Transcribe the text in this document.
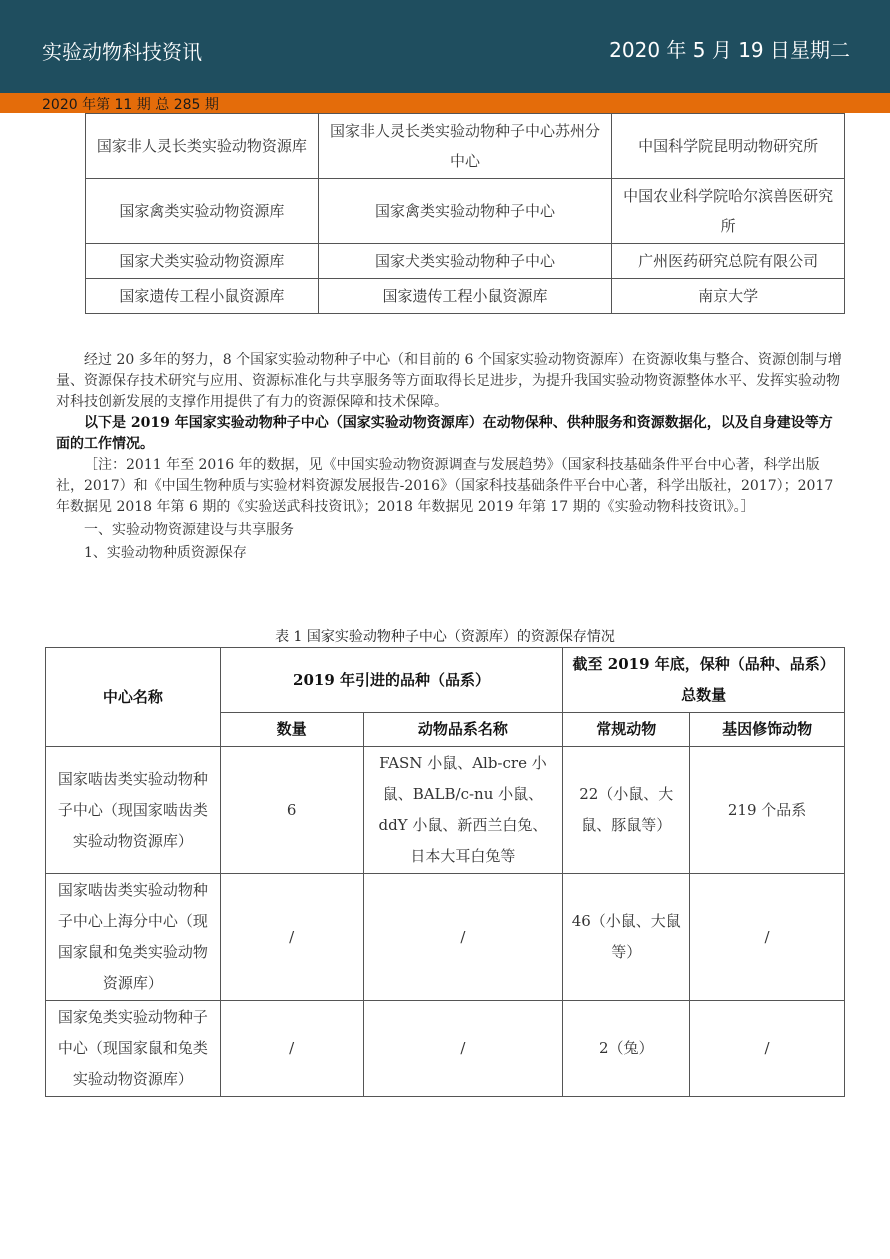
实验动物科技资讯	2020 年 5 月 19 日星期二
2020 年第 11 期 总 285 期
国家非人灵长类实验动物资源库	国家非人灵长类实验动物种子中心苏州分中心	中国科学院昆明动物研究所
国家禽类实验动物资源库	国家禽类实验动物种子中心	中国农业科学院哈尔滨兽医研究所
国家犬类实验动物资源库	国家犬类实验动物种子中心	广州医药研究总院有限公司
国家遗传工程小鼠资源库	国家遗传工程小鼠资源库	南京大学

经过 20 多年的努力，8 个国家实验动物种子中心（和目前的 6 个国家实验动物资源库）在资源收集与整合、资源创制与增量、资源保存技术研究与应用、资源标准化与共享服务等方面取得长足进步，为提升我国实验动物资源整体水平、发挥实验动物对科技创新发展的支撑作用提供了有力的资源保障和技术保障。

以下是 2019 年国家实验动物种子中心（国家实验动物资源库）在动物保种、供种服务和资源数据化，以及自身建设等方面的工作情况。

［注：2011 年至 2016 年的数据，见《中国实验动物资源调查与发展趋势》（国家科技基础条件平台中心著，科学出版社，2017）和《中国生物种质与实验材料资源发展报告-2016》（国家科技基础条件平台中心著，科学出版社，2017）；2017 年数据见 2018 年第 6 期的《实验送武科技资讯》；2018 年数据见 2019 年第 17 期的《实验动物科技资讯》。］

一、实验动物资源建设与共享服务

1、实验动物种质资源保存

表 1 国家实验动物种子中心（资源库）的资源保存情况
中心名称	2019 年引进的品种（品系）		截至 2019 年底，保种（品种、品系）总数量	
	数量	动物品系名称	常规动物	基因修饰动物
国家啮齿类实验动物种子中心（现国家啮齿类实验动物资源库）	6	FASN 小鼠、Alb-cre 小鼠、BALB/c-nu 小鼠、ddY 小鼠、新西兰白兔、日本大耳白兔等	22（小鼠、大鼠、豚鼠等）	219 个品系
国家啮齿类实验动物种子中心上海分中心（现国家鼠和兔类实验动物资源库）	/	/	46（小鼠、大鼠等）	/
国家兔类实验动物种子中心（现国家鼠和兔类实验动物资源库）	/	/	2（兔）	/
